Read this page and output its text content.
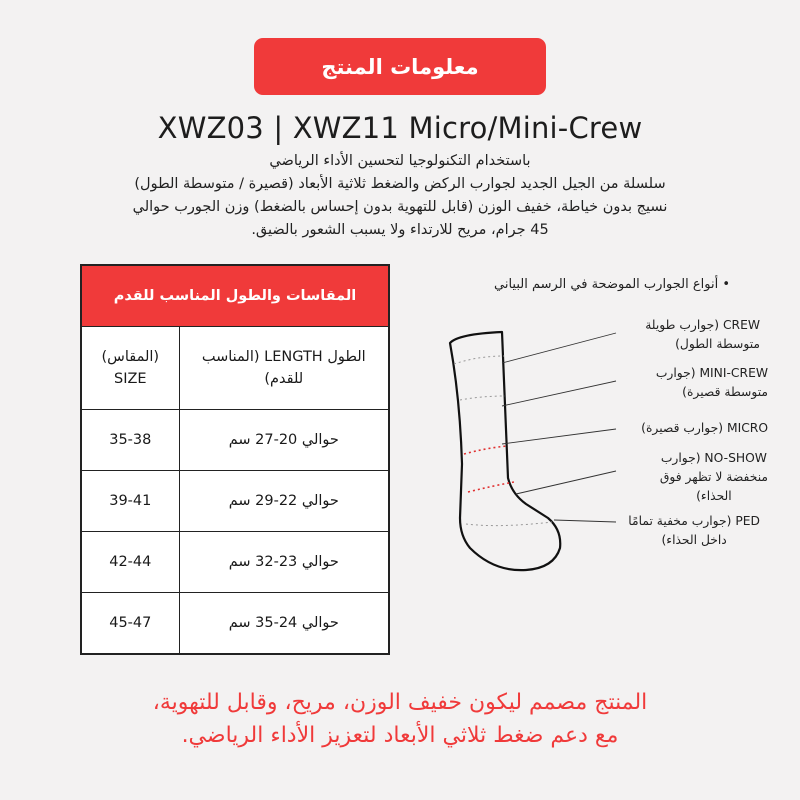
معلومات المنتج
XWZ03 | XWZ11 Micro/Mini-Crew
باستخدام التكنولوجيا لتحسين الأداء الرياضي
سلسلة من الجيل الجديد لجوارب الركض والضغط ثلاثية الأبعاد (قصيرة / متوسطة الطول)
نسيج بدون خياطة، خفيف الوزن (قابل للتهوية بدون إحساس بالضغط) وزن الجورب حوالي
45 جرام، مريح للارتداء ولا يسبب الشعور بالضيق.
المقاسات والطول المناسب للقدم	
(المقاس) SIZE	الطول LENGTH (المناسب للقدم)
35-38	حوالي 20-27 سم
39-41	حوالي 22-29 سم
42-44	حوالي 23-32 سم
45-47	حوالي 24-35 سم
• أنواع الجوارب الموضحة في الرسم البياني
CREW (جوارب طويلة
متوسطة الطول)
MINI-CREW (جوارب
متوسطة قصيرة)
MICRO (جوارب قصيرة)
NO-SHOW (جوارب
منخفضة لا تظهر فوق
الحذاء)
PED (جوارب مخفية تمامًا
داخل الحذاء)
المنتج مصمم ليكون خفيف الوزن، مريح، وقابل للتهوية،
مع دعم ضغط ثلاثي الأبعاد لتعزيز الأداء الرياضي.
